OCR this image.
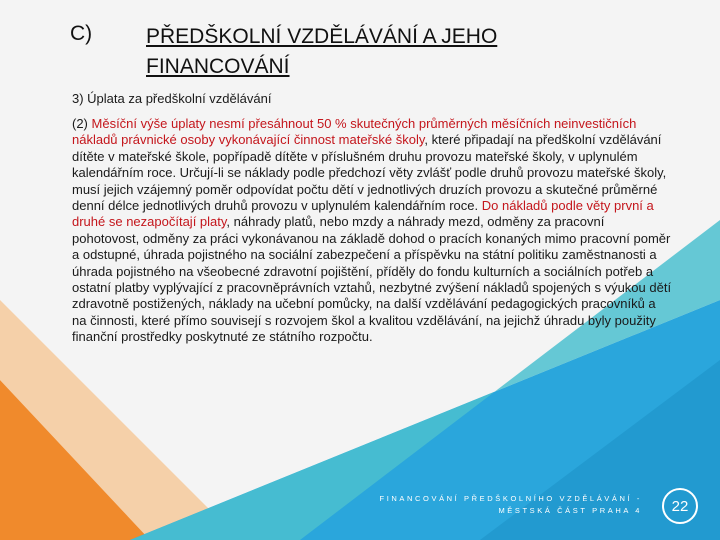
C)	PŘEDŠKOLNÍ VZDĚLÁVÁNÍ A JEHO
FINANCOVÁNÍ
3) Úplata za předškolní vzdělávání
(2) Měsíční výše úplaty nesmí přesáhnout 50 % skutečných průměrných měsíčních neinvestičních nákladů právnické osoby vykonávající činnost mateřské školy, které připadají na předškolní vzdělávání dítěte v mateřské škole, popřípadě dítěte v příslušném druhu provozu mateřské školy, v uplynulém kalendářním roce. Určují-li se náklady podle předchozí věty zvlášť podle druhů provozu mateřské školy, musí jejich vzájemný poměr odpovídat počtu dětí v jednotlivých druzích provozu a skutečné průměrné denní délce jednotlivých druhů provozu v uplynulém kalendářním roce. Do nákladů podle věty první a druhé se nezapočítají platy, náhrady platů, nebo mzdy a náhrady mezd, odměny za pracovní pohotovost, odměny za práci vykonávanou na základě dohod o pracích konaných mimo pracovní poměr a odstupné, úhrada pojistného na sociální zabezpečení a příspěvku na státní politiku zaměstnanosti a úhrada pojistného na všeobecné zdravotní pojištění, příděly do fondu kulturních a sociálních potřeb a ostatní platby vyplývající z pracovněprávních vztahů, nezbytné zvýšení nákladů spojených s výukou dětí zdravotně postižených, náklady na učební pomůcky, na další vzdělávání pedagogických pracovníků a na činnosti, které přímo souvisejí s rozvojem škol a kvalitou vzdělávání, na jejichž úhradu byly použity finanční prostředky poskytnuté ze státního rozpočtu.
FINANCOVÁNÍ PŘEDŠKOLNÍHO VZDĚLÁVÁNÍ -
MĚSTSKÁ ČÁST PRAHA 4	22
